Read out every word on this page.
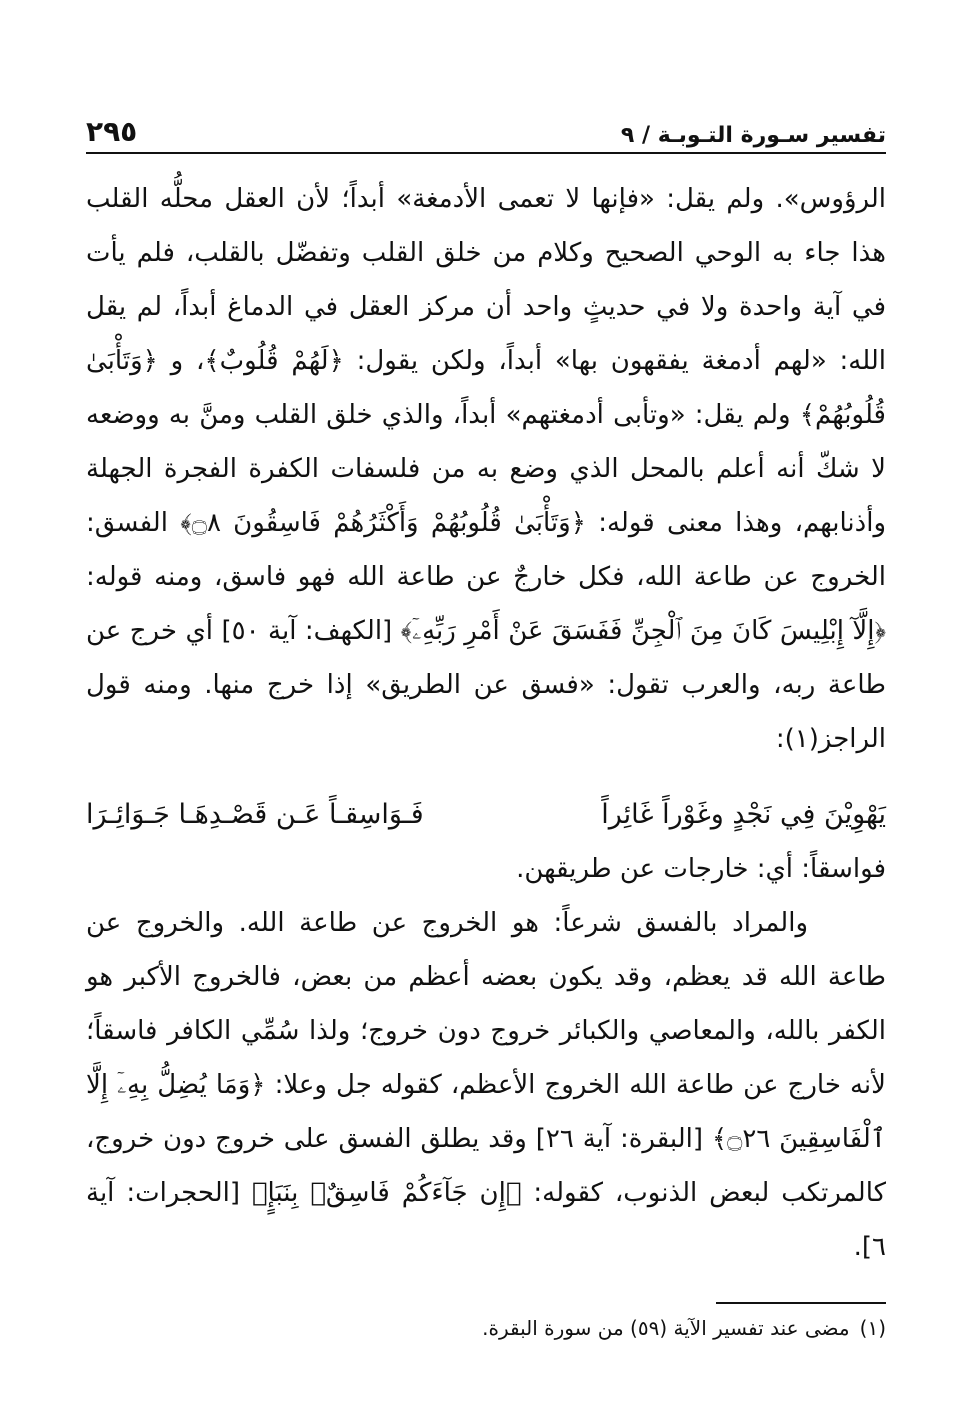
تفسير سـورة التـوبـة / ٩
٢٩٥

الرؤوس». ولم يقل: «فإنها لا تعمى الأدمغة» أبداً؛ لأن العقل محلُّه القلب هذا جاء به الوحي الصحيح وكلام من خلق القلب وتفضّل بالقلب، فلم يأت في آية واحدة ولا في حديثٍ واحد أن مركز العقل في الدماغ أبداً، لم يقل الله: «لهم أدمغة يفقهون بها» أبداً، ولكن يقول: ﴿لَهُمْ قُلُوبٌ﴾، و ﴿وَتَأْبَىٰ قُلُوبُهُمْ﴾ ولم يقل: «وتأبى أدمغتهم» أبداً، والذي خلق القلب ومنَّ به ووضعه لا شكّ أنه أعلم بالمحل الذي وضع به من فلسفات الكفرة الفجرة الجهلة وأذنابهم، وهذا معنى قوله: ﴿وَتَأْبَىٰ قُلُوبُهُمْ وَأَكْثَرُهُمْ فَاسِقُونَ ۝٨﴾ الفسق: الخروج عن طاعة الله، فكل خارجٌ عن طاعة الله فهو فاسق، ومنه قوله: ﴿إِلَّآ إِبْلِيسَ كَانَ مِنَ ٱلْجِنِّ فَفَسَقَ عَنْ أَمْرِ رَبِّهِۦٓ﴾ [الكهف: آية ٥٠] أي خرج عن طاعة ربه، والعرب تقول: «فسق عن الطريق» إذا خرج منها. ومنه قول الراجز(١):

يَهْوِيْنَ فِي نَجْدٍ وغَوْراً غَائِراً
فَـوَاسِقـاً عَـن قَصْـدِهَـا جَـوَائِـرَا

فواسقاً: أي: خارجات عن طريقهن.

والمراد بالفسق شرعاً: هو الخروج عن طاعة الله. والخروج عن طاعة الله قد يعظم، وقد يكون بعضه أعظم من بعض، فالخروج الأكبر هو الكفر بالله، والمعاصي والكبائر خروج دون خروج؛ ولذا سُمِّي الكافر فاسقاً؛ لأنه خارج عن طاعة الله الخروج الأعظم، كقوله جل وعلا: ﴿وَمَا يُضِلُّ بِهِۦٓ إِلَّا ٱلْفَاسِقِينَ ۝٢٦﴾ [البقرة: آية ٢٦] وقد يطلق الفسق على خروج دون خروج، كالمرتكب لبعض الذنوب، كقوله: ﴿إِن جَآءَكُمْ فَاسِقٌۢ بِنَبَإٍ﴾ [الحجرات: آية ٦].

(١)مضى عند تفسير الآية (٥٩) من سورة البقرة.
